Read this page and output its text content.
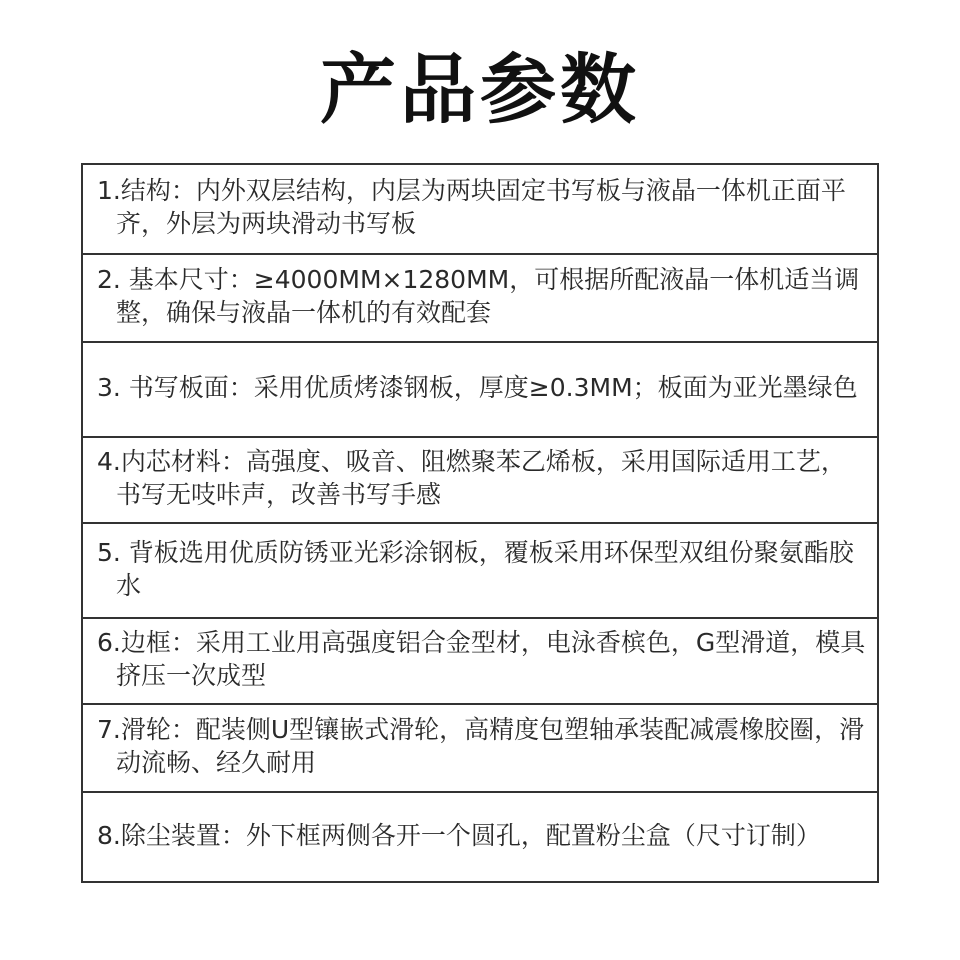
产品参数
1.结构：内外双层结构，内层为两块固定书写板与液晶一体机正面平齐，外层为两块滑动书写板
2. 基本尺寸：≥4000MM×1280MM，可根据所配液晶一体机适当调整，确保与液晶一体机的有效配套
3. 书写板面：采用优质烤漆钢板，厚度≥0.3MM；板面为亚光墨绿色
4.内芯材料：高强度、吸音、阻燃聚苯乙烯板，采用国际适用工艺，书写无吱咔声，改善书写手感
5. 背板选用优质防锈亚光彩涂钢板，覆板采用环保型双组份聚氨酯胶水
6.边框：采用工业用高强度铝合金型材，电泳香槟色，G型滑道，模具挤压一次成型
7.滑轮：配装侧U型镶嵌式滑轮，高精度包塑轴承装配减震橡胶圈，滑动流畅、经久耐用
8.除尘装置：外下框两侧各开一个圆孔，配置粉尘盒（尺寸订制）
